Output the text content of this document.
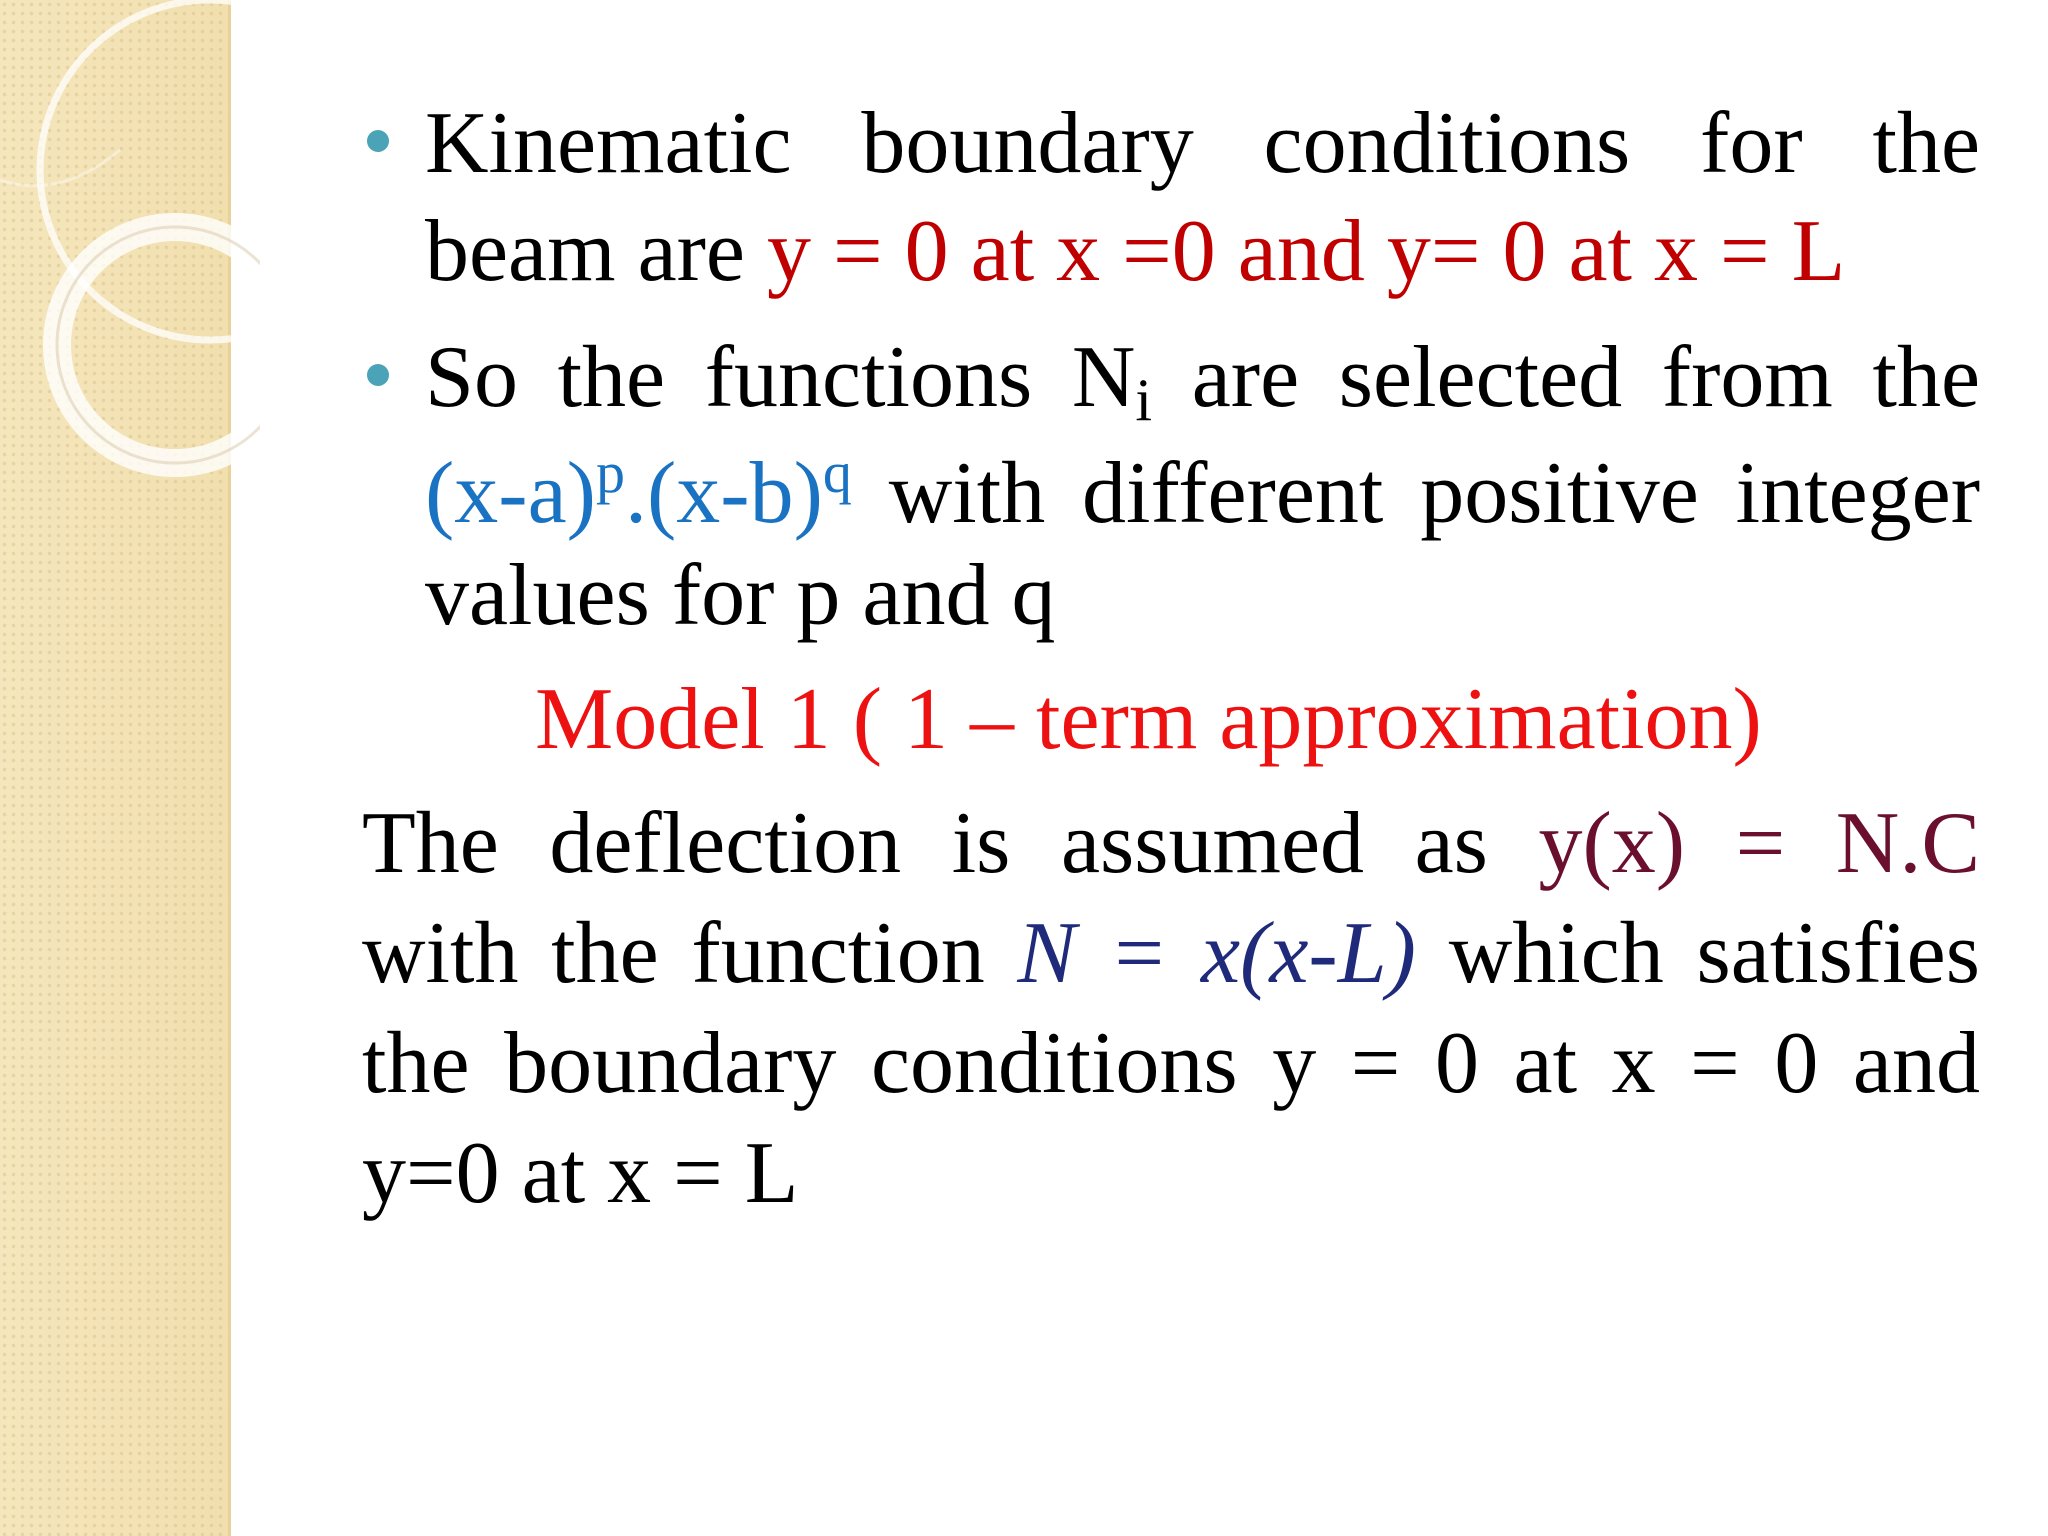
Kinematic boundary conditions for the
beam are y = 0 at x =0 and y= 0 at x = L
So the functions Ni are selected from the
$(x-a)^p.(x-b)^q$ with different positive integer
values for p and q
Model 1 ( 1 – term approximation)
The deflection is assumed as y(x) = N.C
with the function N = x(x-L) which satisfies
the boundary conditions y = 0 at x = 0 and
y=0 at x = L
